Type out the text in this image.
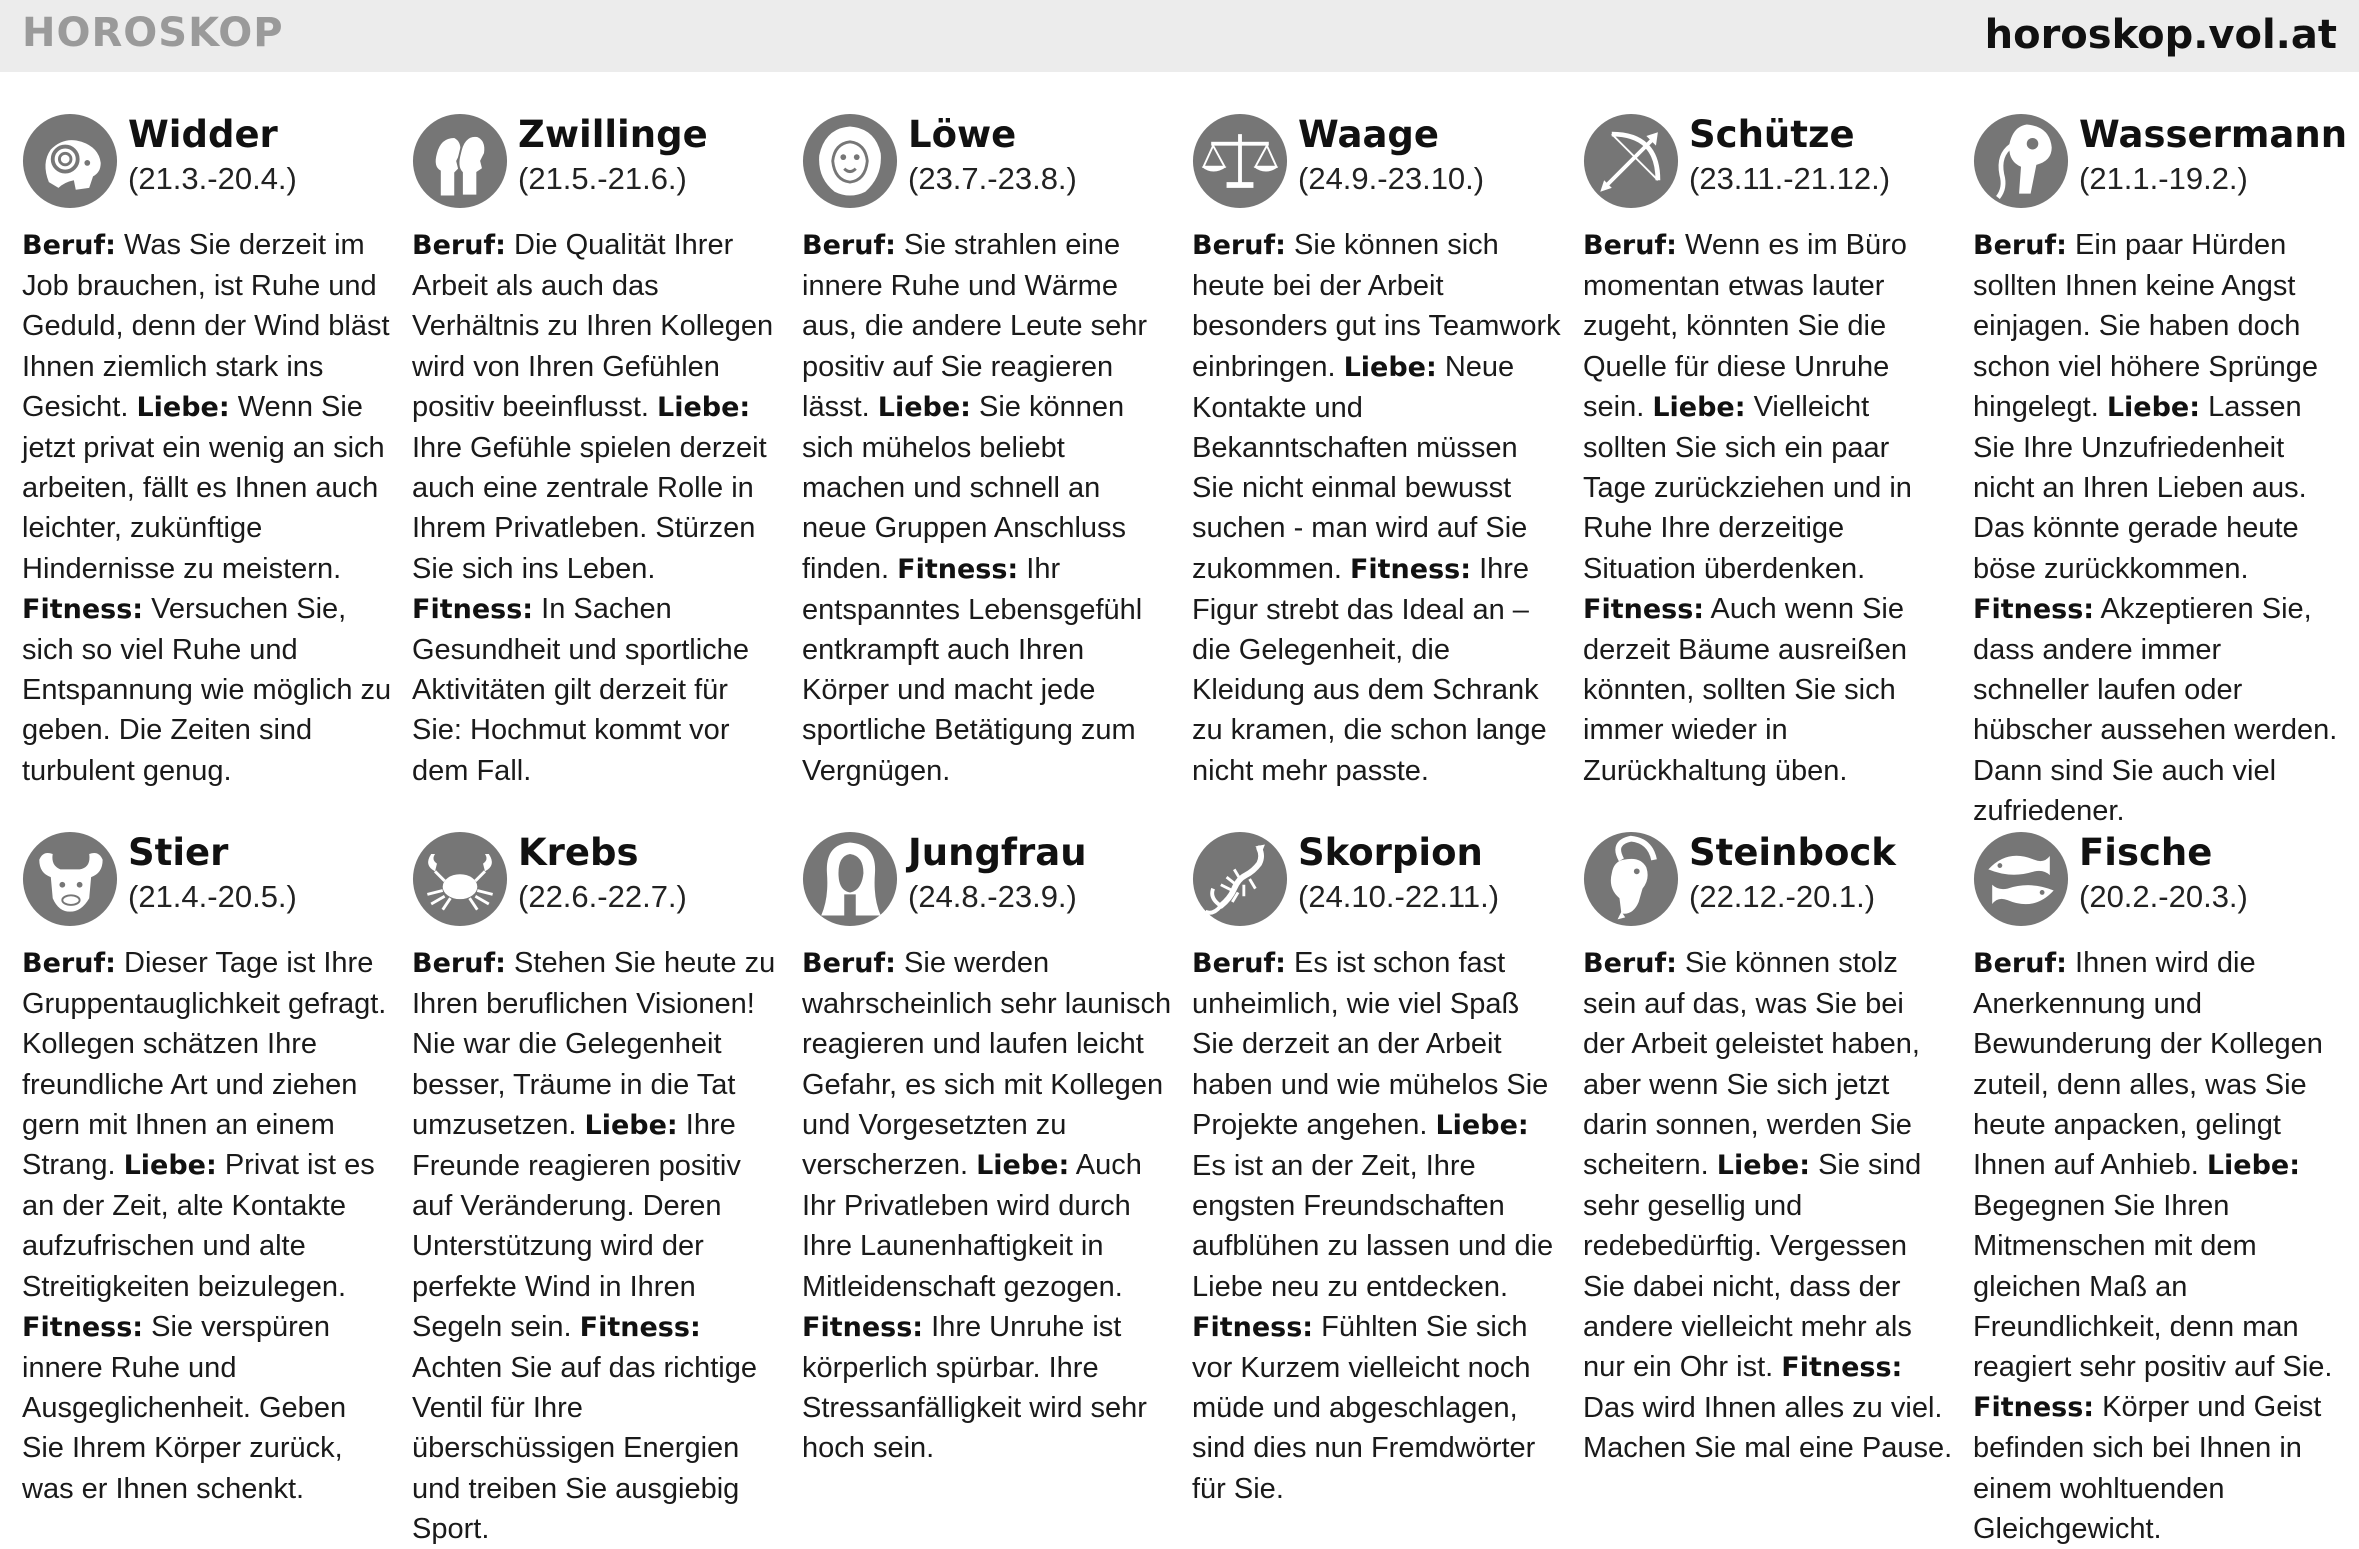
HOROSKOP	horoskop.vol.at
Widder
(21.3.-20.4.)
Beruf: Was Sie derzeit im Job brauchen, ist Ruhe und Geduld, denn der Wind bläst Ihnen ziemlich stark ins Gesicht. Liebe: Wenn Sie jetzt privat ein wenig an sich arbeiten, fällt es Ihnen auch leichter, zukünftige Hindernisse zu meistern. Fitness: Versuchen Sie, sich so viel Ruhe und Entspannung wie möglich zu geben. Die Zeiten sind turbulent genug.
Zwillinge
(21.5.-21.6.)
Beruf: Die Qualität Ihrer Arbeit als auch das Verhältnis zu Ihren Kollegen wird von Ihren Gefühlen positiv beeinflusst. Liebe: Ihre Gefühle spielen derzeit auch eine zentrale Rolle in Ihrem Privatleben. Stürzen Sie sich ins Leben. Fitness: In Sachen Gesundheit und sportliche Aktivitäten gilt derzeit für Sie: Hochmut kommt vor dem Fall.
Löwe
(23.7.-23.8.)
Beruf: Sie strahlen eine innere Ruhe und Wärme aus, die andere Leute sehr positiv auf Sie reagieren lässt. Liebe: Sie können sich mühelos beliebt machen und schnell an neue Gruppen Anschluss finden. Fitness: Ihr entspanntes Lebensgefühl entkrampft auch Ihren Körper und macht jede sportliche Betätigung zum Vergnügen.
Waage
(24.9.-23.10.)
Beruf: Sie können sich heute bei der Arbeit besonders gut ins Teamwork einbringen. Liebe: Neue Kontakte und Bekanntschaften müssen Sie nicht einmal bewusst suchen - man wird auf Sie zukommen. Fitness: Ihre Figur strebt das Ideal an – die Gelegenheit, die Kleidung aus dem Schrank zu kramen, die schon lange nicht mehr passte.
Schütze
(23.11.-21.12.)
Beruf: Wenn es im Büro momentan etwas lauter zugeht, könnten Sie die Quelle für diese Unruhe sein. Liebe: Vielleicht sollten Sie sich ein paar Tage zurückziehen und in Ruhe Ihre derzeitige Situation überdenken. Fitness: Auch wenn Sie derzeit Bäume ausreißen könnten, sollten Sie sich immer wieder in Zurückhaltung üben.
Wassermann
(21.1.-19.2.)
Beruf: Ein paar Hürden sollten Ihnen keine Angst einjagen. Sie haben doch schon viel höhere Sprünge hingelegt. Liebe: Lassen Sie Ihre Unzufriedenheit nicht an Ihren Lieben aus. Das könnte gerade heute böse zurückkommen. Fitness: Akzeptieren Sie, dass andere immer schneller laufen oder hübscher aussehen werden. Dann sind Sie auch viel zufriedener.
Stier
(21.4.-20.5.)
Beruf: Dieser Tage ist Ihre Gruppentauglichkeit gefragt. Kollegen schätzen Ihre freundliche Art und ziehen gern mit Ihnen an einem Strang. Liebe: Privat ist es an der Zeit, alte Kontakte aufzufrischen und alte Streitigkeiten beizulegen. Fitness: Sie verspüren innere Ruhe und Ausgeglichenheit. Geben Sie Ihrem Körper zurück, was er Ihnen schenkt.
Krebs
(22.6.-22.7.)
Beruf: Stehen Sie heute zu Ihren beruflichen Visionen! Nie war die Gelegenheit besser, Träume in die Tat umzusetzen. Liebe: Ihre Freunde reagieren positiv auf Veränderung. Deren Unterstützung wird der perfekte Wind in Ihren Segeln sein. Fitness: Achten Sie auf das richtige Ventil für Ihre überschüssigen Energien und treiben Sie ausgiebig Sport.
Jungfrau
(24.8.-23.9.)
Beruf: Sie werden wahrscheinlich sehr launisch reagieren und laufen leicht Gefahr, es sich mit Kollegen und Vorgesetzten zu verscherzen. Liebe: Auch Ihr Privatleben wird durch Ihre Launenhaftigkeit in Mitleidenschaft gezogen. Fitness: Ihre Unruhe ist körperlich spürbar. Ihre Stressanfälligkeit wird sehr hoch sein.
Skorpion
(24.10.-22.11.)
Beruf: Es ist schon fast unheimlich, wie viel Spaß Sie derzeit an der Arbeit haben und wie mühelos Sie Projekte angehen. Liebe: Es ist an der Zeit, Ihre engsten Freundschaften aufblühen zu lassen und die Liebe neu zu entdecken. Fitness: Fühlten Sie sich vor Kurzem vielleicht noch müde und abgeschlagen, sind dies nun Fremdwörter für Sie.
Steinbock
(22.12.-20.1.)
Beruf: Sie können stolz sein auf das, was Sie bei der Arbeit geleistet haben, aber wenn Sie sich jetzt darin sonnen, werden Sie scheitern. Liebe: Sie sind sehr gesellig und redebedürftig. Vergessen Sie dabei nicht, dass der andere vielleicht mehr als nur ein Ohr ist. Fitness: Das wird Ihnen alles zu viel. Machen Sie mal eine Pause.
Fische
(20.2.-20.3.)
Beruf: Ihnen wird die Anerkennung und Bewunderung der Kollegen zuteil, denn alles, was Sie heute anpacken, gelingt Ihnen auf Anhieb. Liebe: Begegnen Sie Ihren Mitmenschen mit dem gleichen Maß an Freundlichkeit, denn man reagiert sehr positiv auf Sie. Fitness: Körper und Geist befinden sich bei Ihnen in einem wohltuenden Gleichgewicht.
